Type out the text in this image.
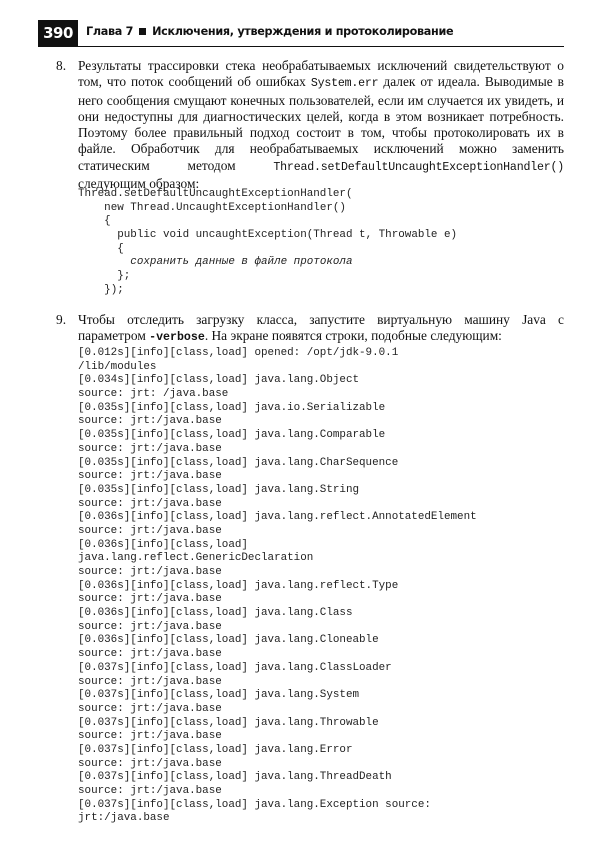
390	Глава 7 Исключения, утверждения и протоколирование
8. Результаты трассировки стека необрабатываемых исключений свидетельствуют о том, что поток сообщений об ошибках System.err далек от идеала. Выводимые в него сообщения смущают конечных пользователей, если им случается их увидеть, и они недоступны для диагностических целей, когда в этом возникает потребность. Поэтому более правильный подход состоит в том, чтобы протоколировать их в файле. Обработчик для необрабатываемых исключений можно заменить статическим методом Thread.setDefaultUncaughtExceptionHandler() следующим образом:
Thread.setDefaultUncaughtExceptionHandler(
new Thread.UncaughtExceptionHandler()
{
public void uncaughtException(Thread t, Throwable e)
{
сохранить данные в файле протокола
};
});
9. Чтобы отследить загрузку класса, запустите виртуальную машину Java с параметром -verbose. На экране появятся строки, подобные следующим:
[0.012s][info][class,load] opened: /opt/jdk-9.0.1
/lib/modules
[0.034s][info][class,load] java.lang.Object
source: jrt: /java.base
[0.035s][info][class,load] java.io.Serializable
source: jrt:/java.base
[0.035s][info][class,load] java.lang.Comparable
source: jrt:/java.base
[0.035s][info][class,load] java.lang.CharSequence
source: jrt:/java.base
[0.035s][info][class,load] java.lang.String
source: jrt:/java.base
[0.036s][info][class,load] java.lang.reflect.AnnotatedElement
source: jrt:/java.base
[0.036s][info][class,load]
java.lang.reflect.GenericDeclaration
source: jrt:/java.base
[0.036s][info][class,load] java.lang.reflect.Type
source: jrt:/java.base
[0.036s][info][class,load] java.lang.Class
source: jrt:/java.base
[0.036s][info][class,load] java.lang.Cloneable
source: jrt:/java.base
[0.037s][info][class,load] java.lang.ClassLoader
source: jrt:/java.base
[0.037s][info][class,load] java.lang.System
source: jrt:/java.base
[0.037s][info][class,load] java.lang.Throwable
source: jrt:/java.base
[0.037s][info][class,load] java.lang.Error
source: jrt:/java.base
[0.037s][info][class,load] java.lang.ThreadDeath
source: jrt:/java.base
[0.037s][info][class,load] java.lang.Exception source:
jrt:/java.base
